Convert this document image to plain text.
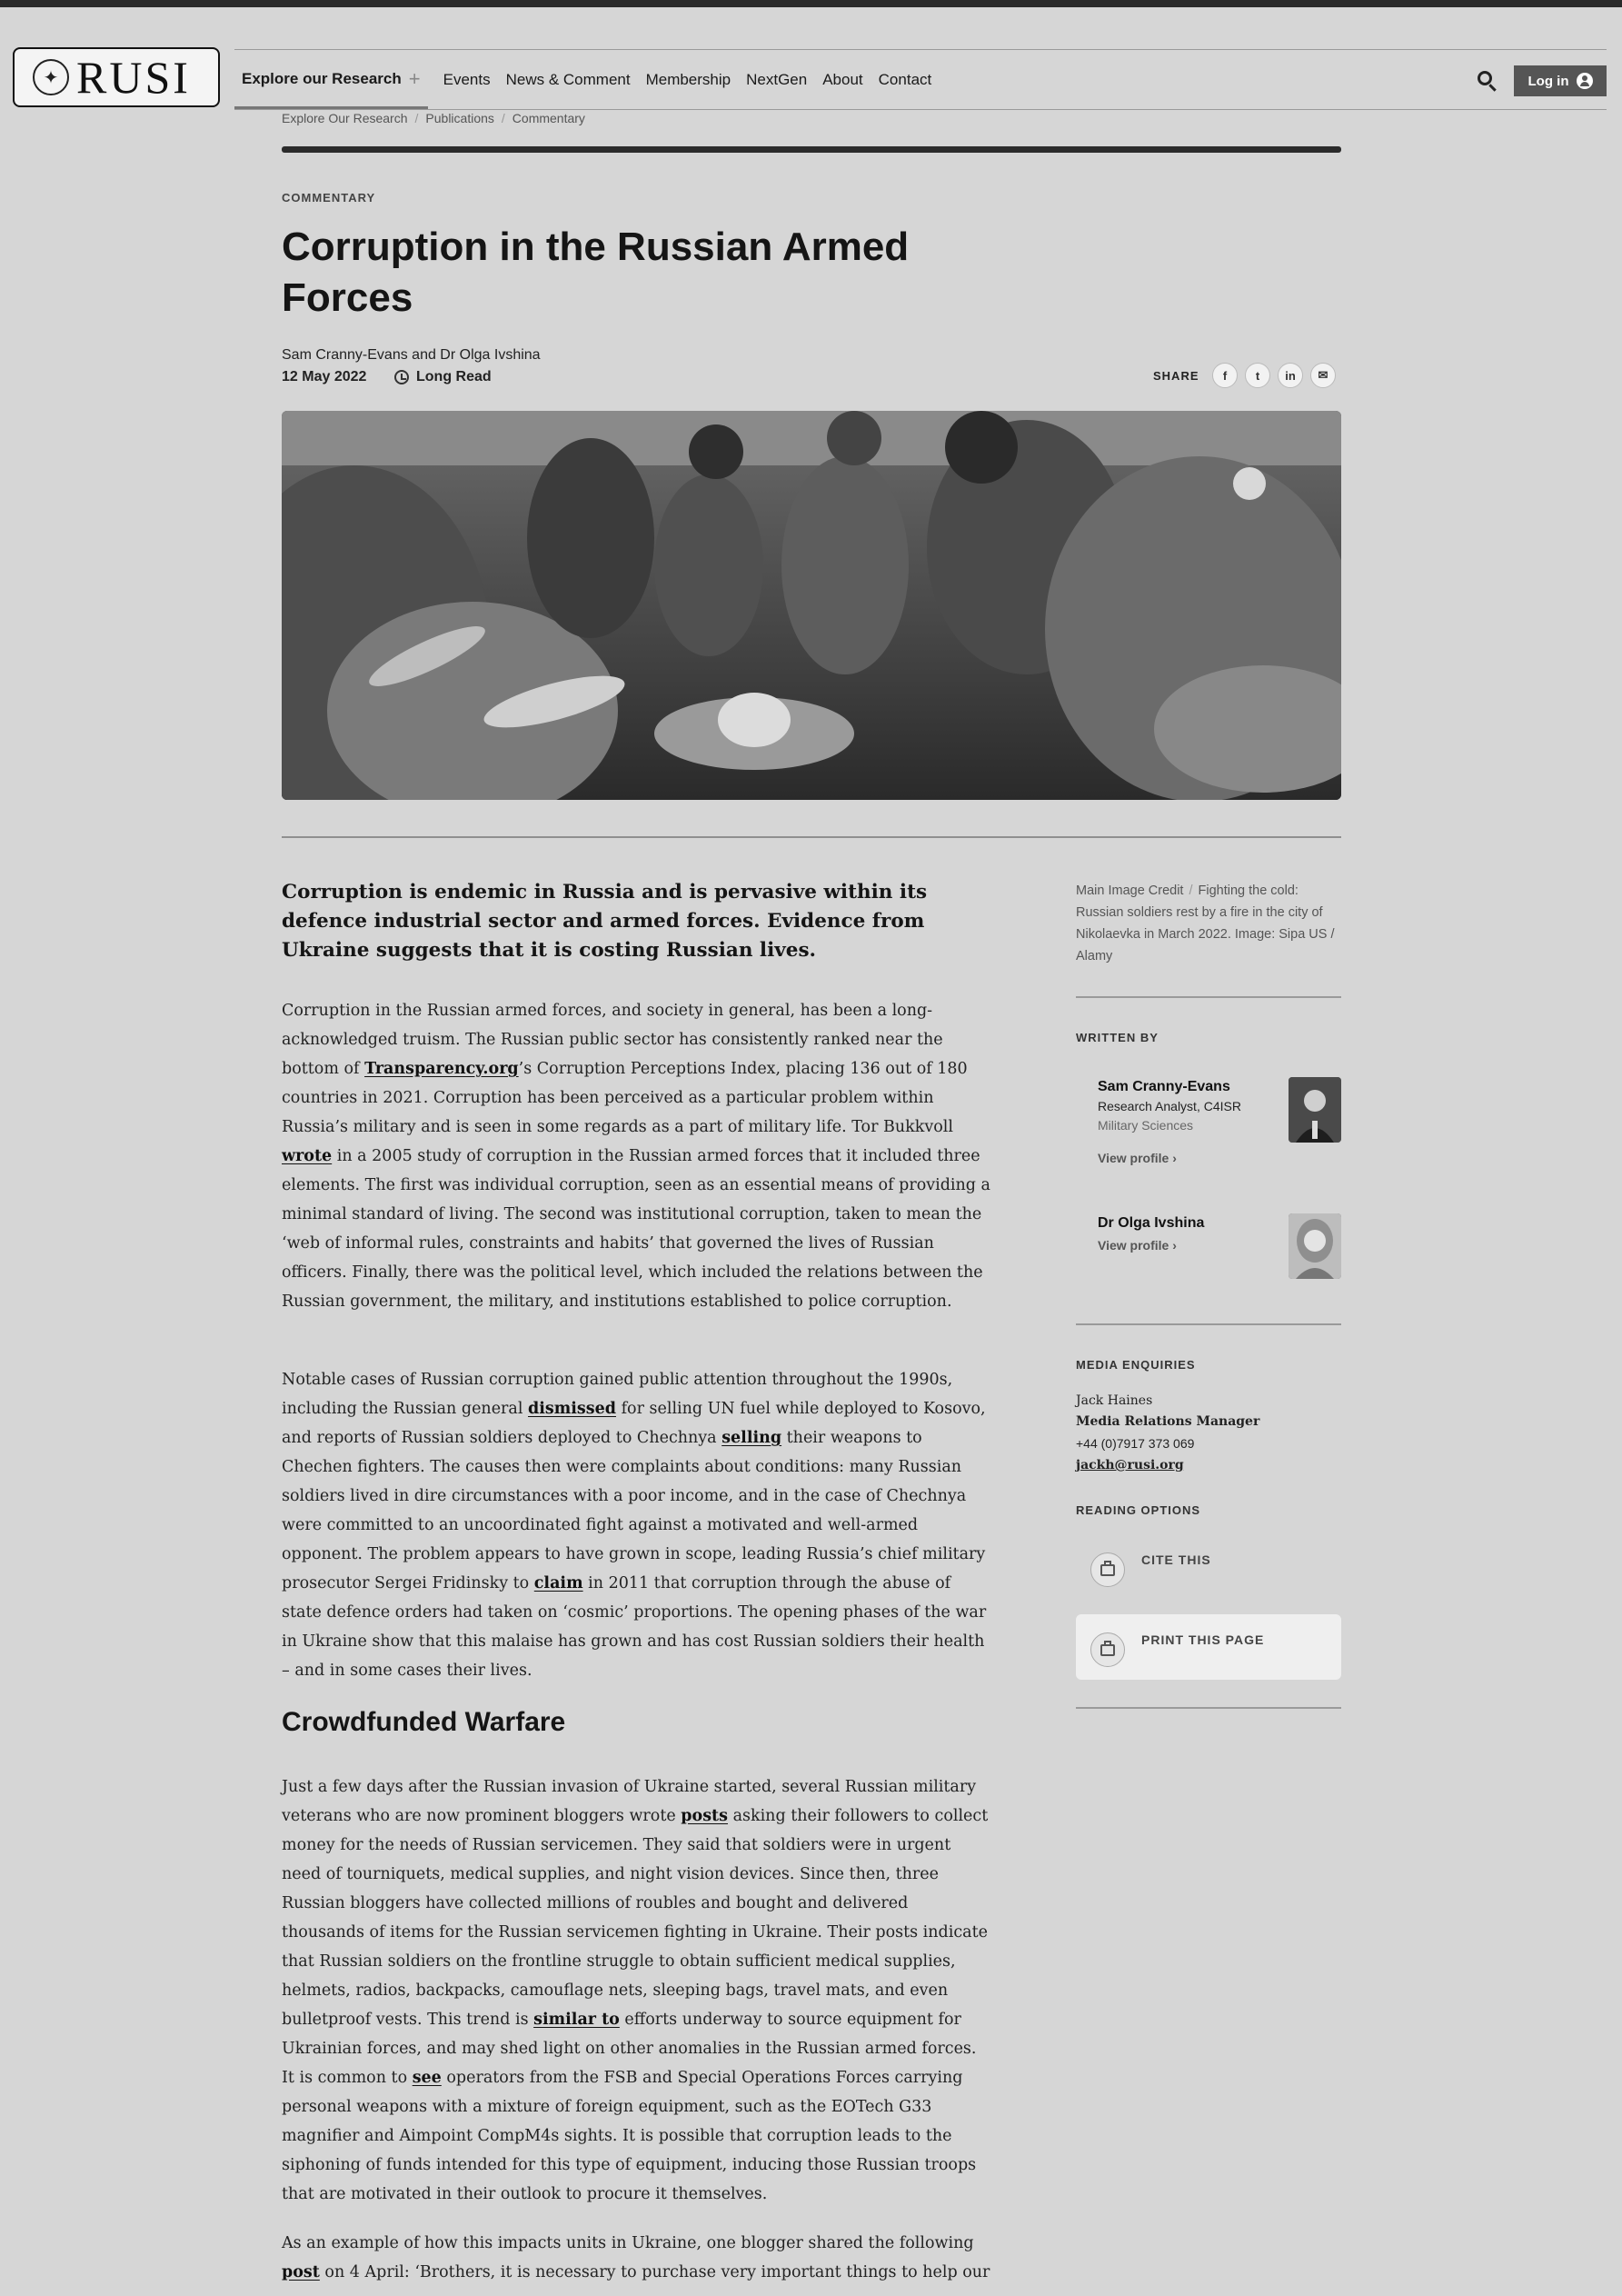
✦ RUSI	Explore our Research + Events News & Comment Membership NextGen About Contact	Log in
Explore Our Research / Publications / Commentary
COMMENTARY
Corruption in the Russian Armed Forces
Sam Cranny-Evans and Dr Olga Ivshina
12 May 2022	Long Read	SHARE f t in ✉

Corruption is endemic in Russia and is pervasive within its defence industrial sector and armed forces. Evidence from Ukraine suggests that it is costing Russian lives.

Corruption in the Russian armed forces, and society in general, has been a long-acknowledged truism. The Russian public sector has consistently ranked near the bottom of Transparency.org’s Corruption Perceptions Index, placing 136 out of 180 countries in 2021. Corruption has been perceived as a particular problem within Russia’s military and is seen in some regards as a part of military life. Tor Bukkvoll wrote in a 2005 study of corruption in the Russian armed forces that it included three elements. The first was individual corruption, seen as an essential means of providing a minimal standard of living. The second was institutional corruption, taken to mean the ‘web of informal rules, constraints and habits’ that governed the lives of Russian officers. Finally, there was the political level, which included the relations between the Russian government, the military, and institutions established to police corruption.

Notable cases of Russian corruption gained public attention throughout the 1990s, including the Russian general dismissed for selling UN fuel while deployed to Kosovo, and reports of Russian soldiers deployed to Chechnya selling their weapons to Chechen fighters. The causes then were complaints about conditions: many Russian soldiers lived in dire circumstances with a poor income, and in the case of Chechnya were committed to an uncoordinated fight against a motivated and well-armed opponent. The problem appears to have grown in scope, leading Russia’s chief military prosecutor Sergei Fridinsky to claim in 2011 that corruption through the abuse of state defence orders had taken on ‘cosmic’ proportions. The opening phases of the war in Ukraine show that this malaise has grown and has cost Russian soldiers their health – and in some cases their lives.

Crowdfunded Warfare

Just a few days after the Russian invasion of Ukraine started, several Russian military veterans who are now prominent bloggers wrote posts asking their followers to collect money for the needs of Russian servicemen. They said that soldiers were in urgent need of tourniquets, medical supplies, and night vision devices. Since then, three Russian bloggers have collected millions of roubles and bought and delivered thousands of items for the Russian servicemen fighting in Ukraine. Their posts indicate that Russian soldiers on the frontline struggle to obtain sufficient medical supplies, helmets, radios, backpacks, camouflage nets, sleeping bags, travel mats, and even bulletproof vests. This trend is similar to efforts underway to source equipment for Ukrainian forces, and may shed light on other anomalies in the Russian armed forces. It is common to see operators from the FSB and Special Operations Forces carrying personal weapons with a mixture of foreign equipment, such as the EOTech G33 magnifier and Aimpoint CompM4s sights. It is possible that corruption leads to the siphoning of funds intended for this type of equipment, inducing those Russian troops that are motivated in their outlook to procure it themselves.

As an example of how this impacts units in Ukraine, one blogger shared the following post on 4 April: ‘Brothers, it is necessary to purchase very important things to help our

Main Image Credit / Fighting the cold: Russian soldiers rest by a fire in the city of Nikolaevka in March 2022. Image: Sipa US / Alamy
WRITTEN BY
Sam Cranny-Evans
Research Analyst, C4ISR
Military Sciences
View profile ›
Dr Olga Ivshina
View profile ›
MEDIA ENQUIRIES
Jack Haines
Media Relations Manager
+44 (0)7917 373 069
jackh@rusi.org
READING OPTIONS
CITE THIS
PRINT THIS PAGE
